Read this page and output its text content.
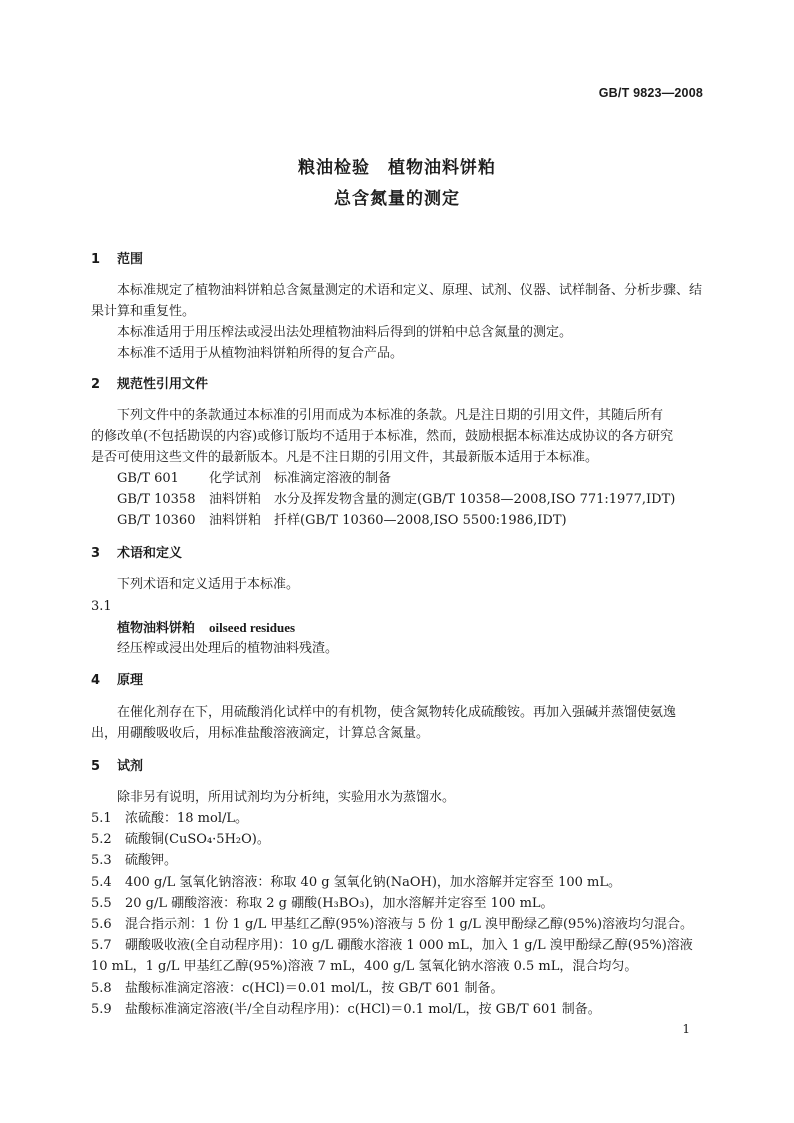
GB/T 9823—2008
粮油检验　植物油料饼粕
总含氮量的测定
1 范围
本标准规定了植物油料饼粕总含氮量测定的术语和定义、原理、试剂、仪器、试样制备、分析步骤、结
果计算和重复性。
本标准适用于用压榨法或浸出法处理植物油料后得到的饼粕中总含氮量的测定。
本标准不适用于从植物油料饼粕所得的复合产品。
2 规范性引用文件
下列文件中的条款通过本标准的引用而成为本标准的条款。凡是注日期的引用文件，其随后所有
的修改单(不包括勘误的内容)或修订版均不适用于本标准，然而，鼓励根据本标准达成协议的各方研究
是否可使用这些文件的最新版本。凡是不注日期的引用文件，其最新版本适用于本标准。
GB/T 601 化学试剂　标准滴定溶液的制备
GB/T 10358 油料饼粕　水分及挥发物含量的测定(GB/T 10358—2008,ISO 771:1977,IDT)
GB/T 10360 油料饼粕　扦样(GB/T 10360—2008,ISO 5500:1986,IDT)
3 术语和定义
下列术语和定义适用于本标准。
3.1
植物油料饼粕 oilseed residues
经压榨或浸出处理后的植物油料残渣。
4 原理
在催化剂存在下，用硫酸消化试样中的有机物，使含氮物转化成硫酸铵。再加入强碱并蒸馏使氨逸
出，用硼酸吸收后，用标准盐酸溶液滴定，计算总含氮量。
5 试剂
除非另有说明，所用试剂均为分析纯，实验用水为蒸馏水。
5.1 浓硫酸：18 mol/L。
5.2 硫酸铜(CuSO₄·5H₂O)。
5.3 硫酸钾。
5.4 400 g/L 氢氧化钠溶液：称取 40 g 氢氧化钠(NaOH)，加水溶解并定容至 100 mL。
5.5 20 g/L 硼酸溶液：称取 2 g 硼酸(H₃BO₃)，加水溶解并定容至 100 mL。
5.6 混合指示剂：1 份 1 g/L 甲基红乙醇(95%)溶液与 5 份 1 g/L 溴甲酚绿乙醇(95%)溶液均匀混合。
5.7 硼酸吸收液(全自动程序用)：10 g/L 硼酸水溶液 1 000 mL，加入 1 g/L 溴甲酚绿乙醇(95%)溶液
10 mL，1 g/L 甲基红乙醇(95%)溶液 7 mL，400 g/L 氢氧化钠水溶液 0.5 mL，混合均匀。
5.8 盐酸标准滴定溶液：c(HCl)＝0.01 mol/L，按 GB/T 601 制备。
5.9 盐酸标准滴定溶液(半/全自动程序用)：c(HCl)＝0.1 mol/L，按 GB/T 601 制备。
1
